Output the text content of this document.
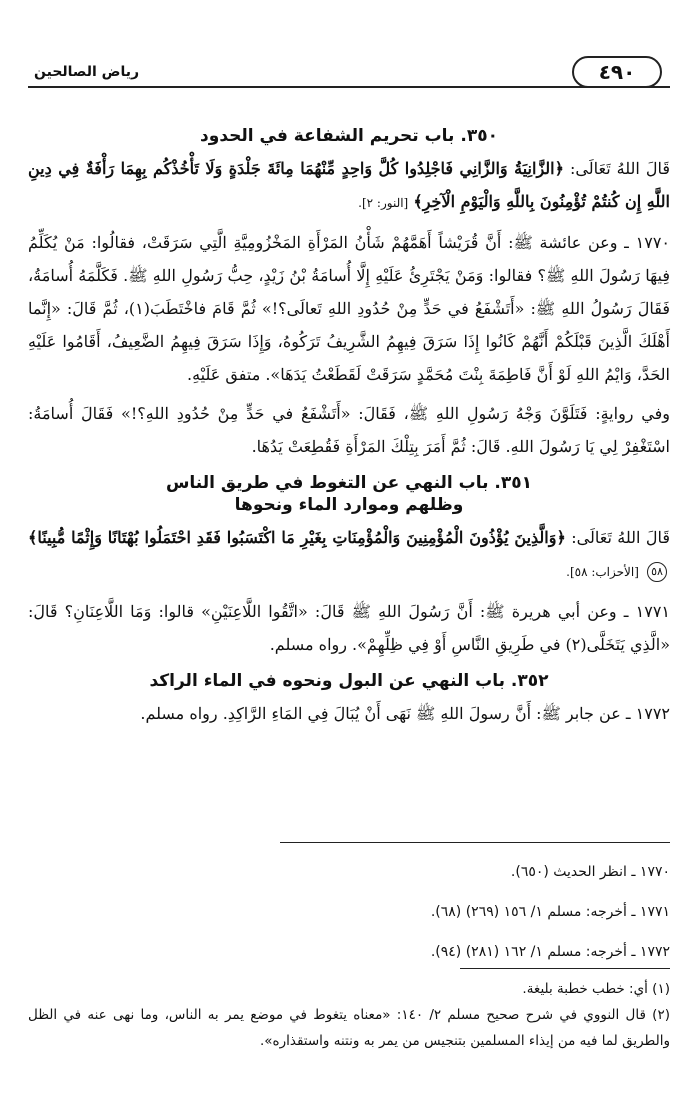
رياض الصالحين	٤٩٠
٣٥٠. باب تحريم الشفاعة في الحدود

قَالَ اللهُ تَعَالَى: ﴿الزَّانِيَةُ وَالزَّانِي فَاجْلِدُوا كُلَّ وَاحِدٍ مِّنْهُمَا مِائَةَ جَلْدَةٍ وَلَا تَأْخُذْكُم بِهِمَا رَأْفَةٌ فِي دِينِ اللَّهِ إِن كُنتُمْ تُؤْمِنُونَ بِاللَّهِ وَالْيَوْمِ الْآخِرِ﴾ [النور: ٢].

١٧٧٠ ـ وعن عائشة ﷺ: أَنَّ قُرَيْشاً أَهَمَّهُمْ شَأْنُ المَرْأَةِ المَخْزُومِيَّةِ الَّتِي سَرَقَتْ، فقالُوا: مَنْ يُكَلِّمُ فِيهَا رَسُولَ اللهِ ﷺ؟ فقالوا: وَمَنْ يَجْتَرِئُ عَلَيْهِ إِلَّا أُسامَةُ بْنُ زَيْدٍ، حِبُّ رَسُولِ اللهِ ﷺ. فَكَلَّمَهُ أُسامَةُ، فَقَالَ رَسُولُ اللهِ ﷺ: «أَتَشْفَعُ في حَدٍّ مِنْ حُدُودِ اللهِ تَعالَى؟!» ثُمَّ قَامَ فاخْتَطَبَ(١)، ثُمَّ قَالَ: «إِنَّما أَهْلَكَ الَّذِينَ قَبْلَكُمْ أَنَّهُمْ كَانُوا إِذَا سَرَقَ فِيهِمُ الشَّرِيفُ تَرَكُوهُ، وَإِذَا سَرَقَ فِيهِمُ الضَّعِيفُ، أَقَامُوا عَلَيْهِ الحَدَّ، وَايْمُ اللهِ لَوْ أَنَّ فَاطِمَةَ بِنْتَ مُحَمَّدٍ سَرَقَتْ لَقَطَعْتُ يَدَهَا». متفق عَلَيْهِ.

وفي روايةٍ: فَتَلَوَّنَ وَجْهُ رَسُولِ اللهِ ﷺ، فَقَالَ: «أَتَشْفَعُ في حَدٍّ مِنْ حُدُودِ اللهِ؟!» فَقَالَ أُسامَةُ: اسْتَغْفِرْ لِي يَا رَسُولَ اللهِ. قَالَ: ثُمَّ أَمَرَ بِتِلْكَ المَرْأَةِ فَقُطِعَتْ يَدُهَا.

٣٥١. باب النهي عن التغوط في طريق الناس
وظلهم وموارد الماء ونحوها

قَالَ اللهُ تَعَالَى: ﴿وَالَّذِينَ يُؤْذُونَ الْمُؤْمِنِينَ وَالْمُؤْمِنَاتِ بِغَيْرِ مَا اكْتَسَبُوا فَقَدِ احْتَمَلُوا بُهْتَانًا وَإِثْمًا مُّبِينًا﴾ ٥٨ [الأحزاب: ٥٨].

١٧٧١ ـ وعن أبي هريرة ﷺ: أَنَّ رَسُولَ اللهِ ﷺ قَالَ: «اتَّقُوا اللَّاعِنَيْنِ» قالوا: وَمَا اللَّاعِنَانِ؟ قَالَ: «الَّذِي يَتَخَلَّى(٢) في طَرِيقِ النَّاسِ أَوْ فِي ظِلِّهِمْ». رواه مسلم.

٣٥٢. باب النهي عن البول ونحوه في الماء الراكد

١٧٧٢ ـ عن جابر ﷺ: أَنَّ رسولَ اللهِ ﷺ نَهَى أَنْ يُبَالَ فِي المَاءِ الرَّاكِدِ. رواه مسلم.

١٧٧٠ ـ انظر الحديث (٦٥٠).
١٧٧١ ـ أخرجه: مسلم ١/ ١٥٦ (٢٦٩) (٦٨).
١٧٧٢ ـ أخرجه: مسلم ١/ ١٦٢ (٢٨١) (٩٤).
(١) أي: خطب خطبة بليغة.
(٢) قال النووي في شرح صحيح مسلم ٢/ ١٤٠: «معناه يتغوط في موضع يمر به الناس، وما نهى عنه في الظل والطريق لما فيه من إيذاء المسلمين بتنجيس من يمر به ونتنه واستقذاره».
